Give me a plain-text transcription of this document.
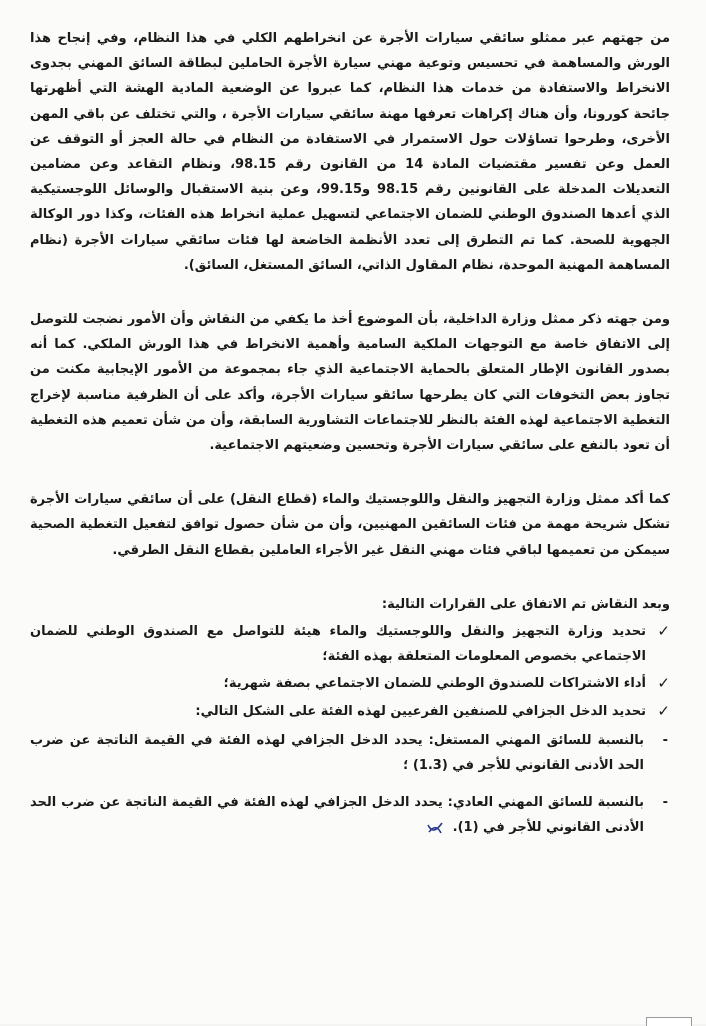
من جهتهم عبر ممثلو سائقي سيارات الأجرة عن انخراطهم الكلي في هذا النظام، وفي إنجاح هذا الورش والمساهمة في تحسيس وتوعية مهني سيارة الأجرة الحاملين لبطاقة السائق المهني بجدوى الانخراط والاستفادة من خدمات هذا النظام، كما عبروا عن الوضعية المادية الهشة التي أظهرتها جائحة كورونا، وأن هناك إكراهات تعرفها مهنة سائقي سيارات الأجرة ، والتي تختلف عن باقي المهن الأخرى، وطرحوا تساؤلات حول الاستمرار في الاستفادة من النظام في حالة العجز أو التوقف عن العمل وعن تفسير مقتضيات المادة 14 من القانون رقم 98.15، ونظام التقاعد وعن مضامين التعديلات المدخلة على القانونين رقم 98.15 و99.15، وعن بنية الاستقبال والوسائل اللوجستيكية الذي أعدها الصندوق الوطني للضمان الاجتماعي لتسهيل عملية انخراط هذه الفئات، وكذا دور الوكالة الجهوية للصحة. كما تم التطرق إلى تعدد الأنظمة الخاضعة لها فئات سائقي سيارات الأجرة (نظام المساهمة المهنية الموحدة، نظام المقاول الذاتي، السائق المستغل، السائق).

ومن جهته ذكر ممثل وزارة الداخلية، بأن الموضوع أخذ ما يكفي من النقاش وأن الأمور نضجت للتوصل إلى الاتفاق خاصة مع التوجهات الملكية السامية وأهمية الانخراط في هذا الورش الملكي. كما أنه بصدور القانون الإطار المتعلق بالحماية الاجتماعية الذي جاء بمجموعة من الأمور الإيجابية مكنت من تجاوز بعض التخوفات التي كان يطرحها سائقو سيارات الأجرة، وأكد على أن الظرفية مناسبة لإخراج التغطية الاجتماعية لهذه الفئة بالنظر للاجتماعات التشاورية السابقة، وأن من شأن تعميم هذه التغطية أن تعود بالنفع على سائقي سيارات الأجرة وتحسين وضعيتهم الاجتماعية.

كما أكد ممثل وزارة التجهيز والنقل واللوجستيك والماء (قطاع النقل) على أن سائقي سيارات الأجرة تشكل شريحة مهمة من فئات السائقين المهنيين، وأن من شأن حصول توافق لتفعيل التغطية الصحية سيمكن من تعميمها لباقي فئات مهني النقل غير الأجراء العاملين بقطاع النقل الطرقي.

وبعد النقاش تم الاتفاق على القرارات التالية:

✓
تحديد وزارة التجهيز والنقل واللوجستيك والماء هيئة للتواصل مع الصندوق الوطني للضمان الاجتماعي بخصوص المعلومات المتعلقة بهذه الفئة؛
✓
أداء الاشتراكات للصندوق الوطني للضمان الاجتماعي بصفة شهرية؛
✓
تحديد الدخل الجزافي للصنفين الفرعيين لهذه الفئة على الشكل التالي:
-
بالنسبة للسائق المهني المستغل: يحدد الدخل الجزافي لهذه الفئة في القيمة الناتجة عن ضرب الحد الأدنى القانوني للأجر في (1.3) ؛
-
بالنسبة للسائق المهني العادي: يحدد الدخل الجزافي لهذه الفئة في القيمة الناتجة عن ضرب الحد الأدنى القانوني للأجر في (1).
